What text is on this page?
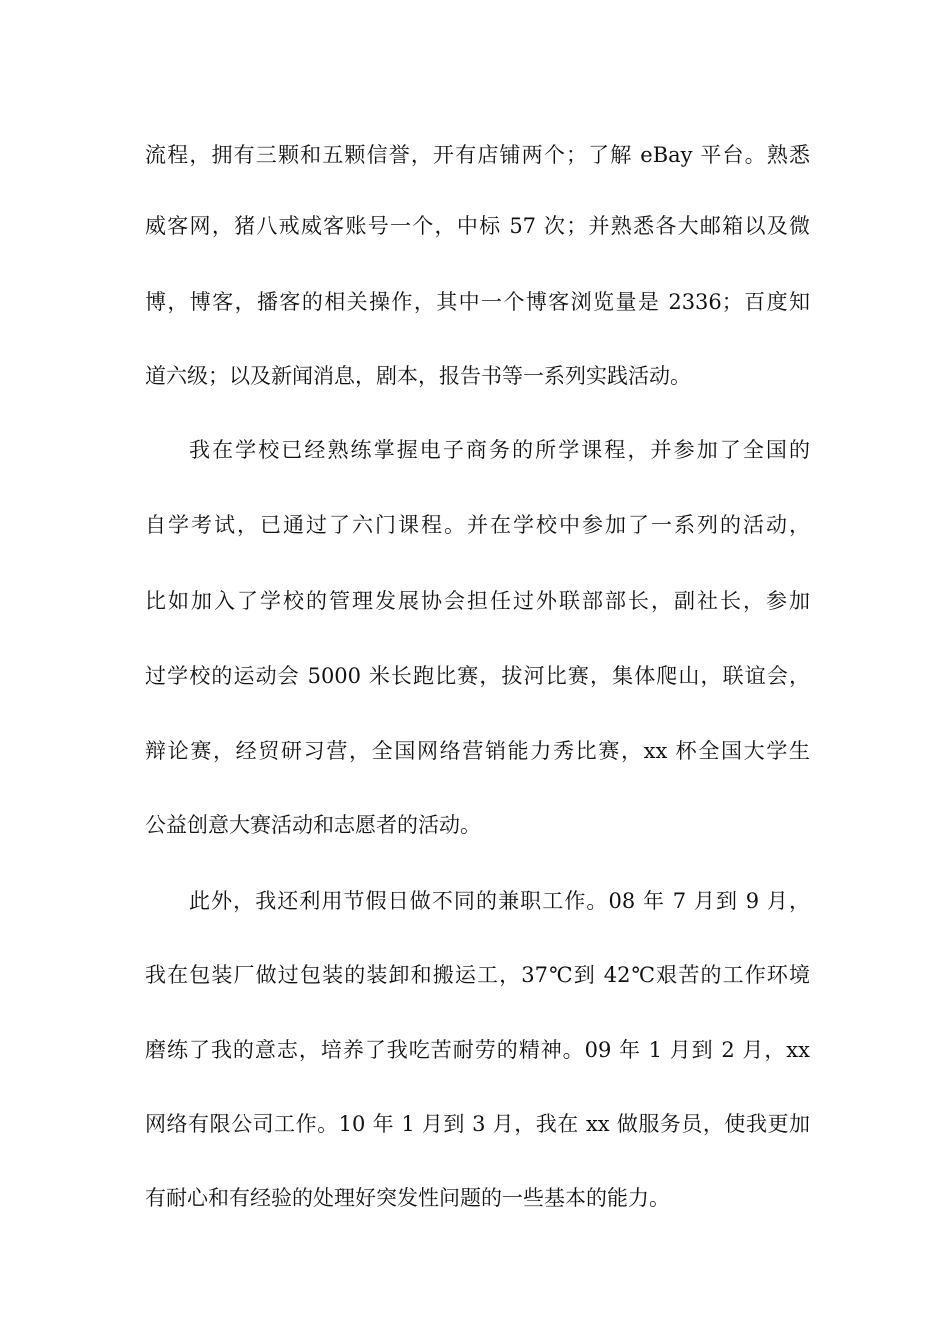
流程，拥有三颗和五颗信誉，开有店铺两个；了解 eBay 平台。熟悉
威客网，猪八戒威客账号一个，中标 57 次；并熟悉各大邮箱以及微
博，博客，播客的相关操作，其中一个博客浏览量是 2336；百度知
道六级；以及新闻消息，剧本，报告书等一系列实践活动。
我在学校已经熟练掌握电子商务的所学课程，并参加了全国的
自学考试，已通过了六门课程。并在学校中参加了一系列的活动，
比如加入了学校的管理发展协会担任过外联部部长，副社长，参加
过学校的运动会 5000 米长跑比赛，拔河比赛，集体爬山，联谊会，
辩论赛，经贸研习营，全国网络营销能力秀比赛，xx 杯全国大学生
公益创意大赛活动和志愿者的活动。
此外，我还利用节假日做不同的兼职工作。08 年 7 月到 9 月，
我在包装厂做过包装的装卸和搬运工，37℃到 42℃艰苦的工作环境
磨练了我的意志，培养了我吃苦耐劳的精神。09 年 1 月到 2 月，xx
网络有限公司工作。10 年 1 月到 3 月，我在 xx 做服务员，使我更加
有耐心和有经验的处理好突发性问题的一些基本的能力。
